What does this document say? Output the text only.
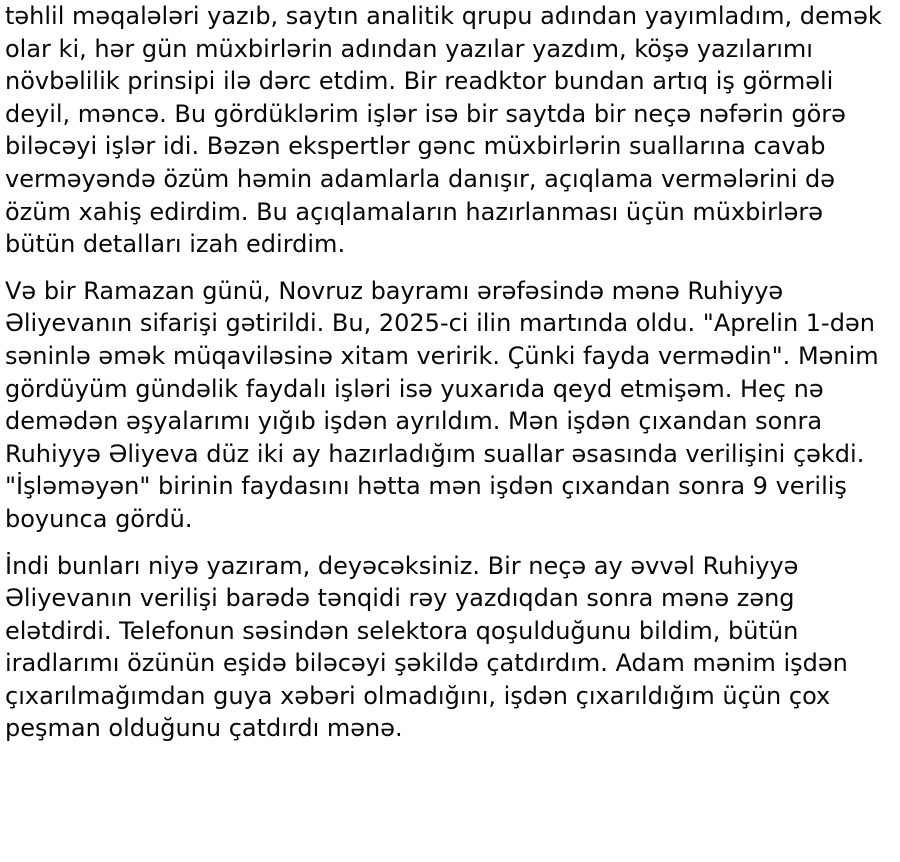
təhlil məqalələri yazıb, saytın analitik qrupu adından yayımladım, demək
olar ki, hər gün müxbirlərin adından yazılar yazdım, köşə yazılarımı
növbəlilik prinsipi ilə dərc etdim. Bir readktor bundan artıq iş görməli
deyil, məncə. Bu gördüklərim işlər isə bir saytda bir neçə nəfərin görə
biləcəyi işlər idi. Bəzən ekspertlər gənc müxbirlərin suallarına cavab
verməyəndə özüm həmin adamlarla danışır, açıqlama vermələrini də
özüm xahiş edirdim. Bu açıqlamaların hazırlanması üçün müxbirlərə
bütün detalları izah edirdim.

Və bir Ramazan günü, Novruz bayramı ərəfəsində mənə Ruhiyyə
Əliyevanın sifarişi gətirildi. Bu, 2025-ci ilin martında oldu. "Aprelin 1-dən
səninlə əmək müqaviləsinə xitam veririk. Çünki fayda vermədin". Mənim
gördüyüm gündəlik faydalı işləri isə yuxarıda qeyd etmişəm. Heç nə
demədən əşyalarımı yığıb işdən ayrıldım. Mən işdən çıxandan sonra
Ruhiyyə Əliyeva düz iki ay hazırladığım suallar əsasında verilişini çəkdi.
"İşləməyən" birinin faydasını hətta mən işdən çıxandan sonra 9 veriliş
boyunca gördü.

İndi bunları niyə yazıram, deyəcəksiniz. Bir neçə ay əvvəl Ruhiyyə
Əliyevanın verilişi barədə tənqidi rəy yazdıqdan sonra mənə zəng
elətdirdi. Telefonun səsindən selektora qoşulduğunu bildim, bütün
iradlarımı özünün eşidə biləcəyi şəkildə çatdırdım. Adam mənim işdən
çıxarılmağımdan guya xəbəri olmadığını, işdən çıxarıldığım üçün çox
peşman olduğunu çatdırdı mənə.
